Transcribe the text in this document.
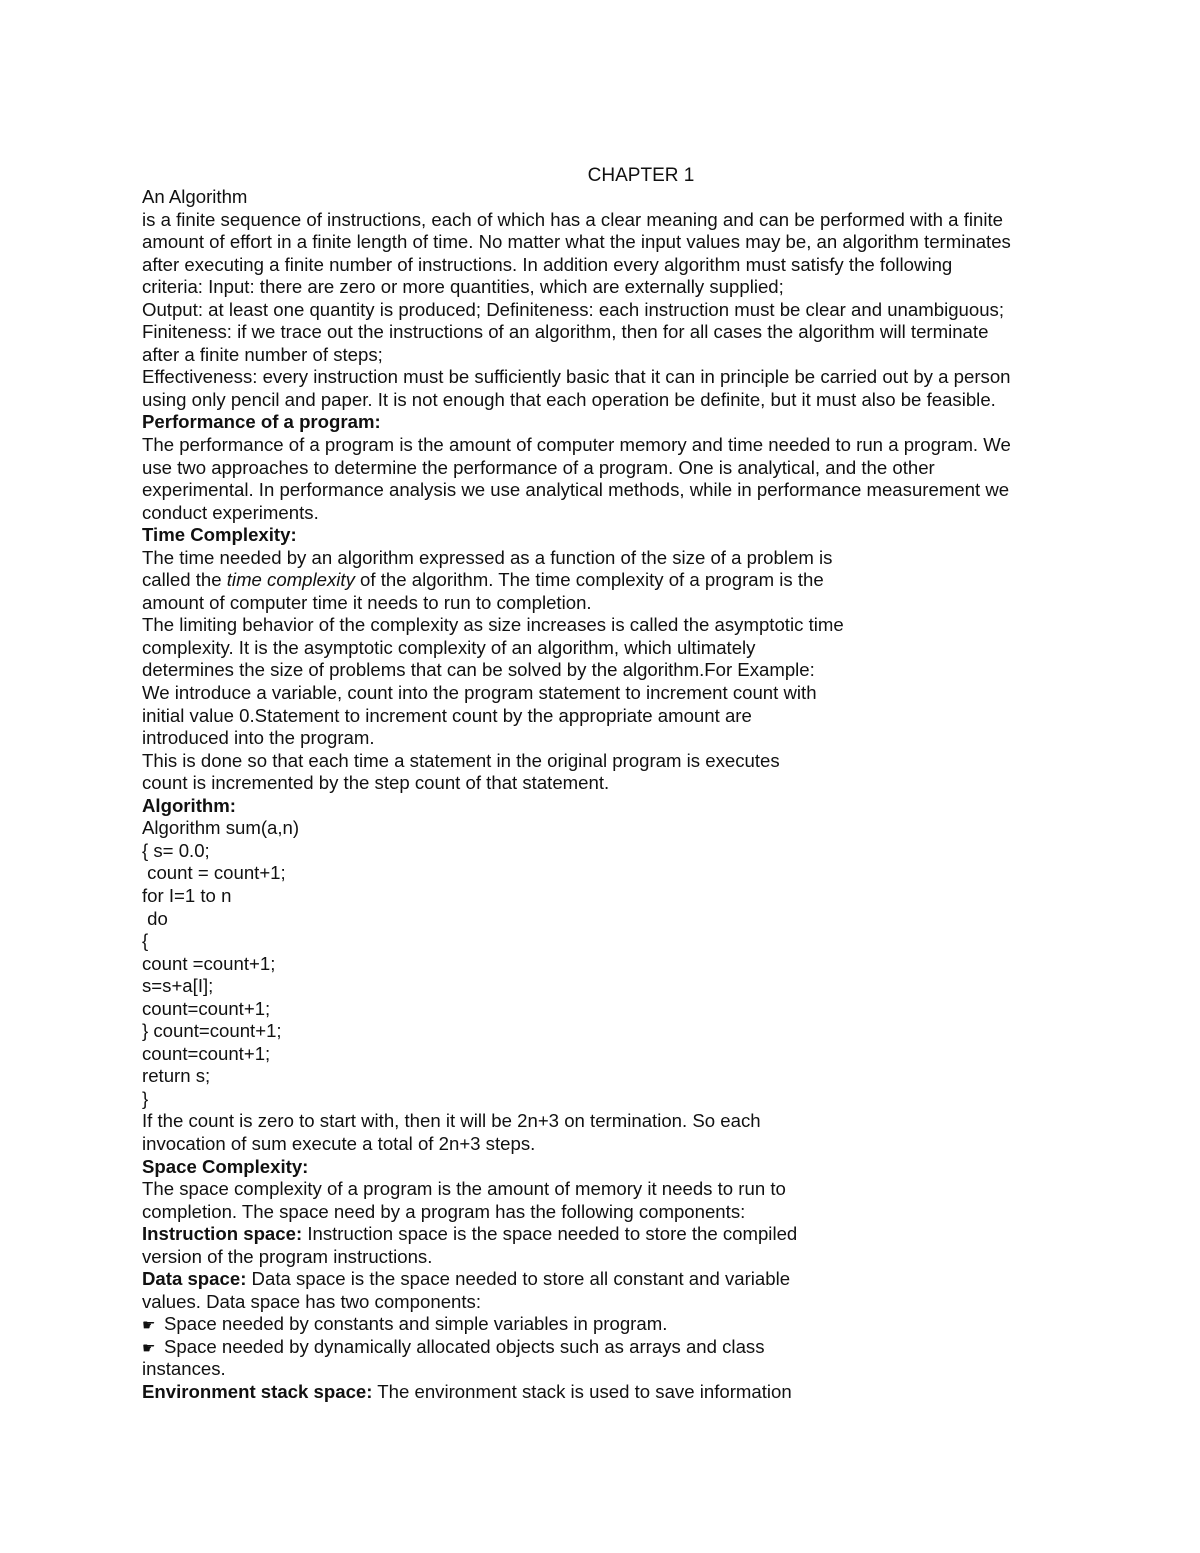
CHAPTER 1
An Algorithm
is a finite sequence of instructions, each of which has a clear meaning and can be performed with a finite
amount of effort in a finite length of time. No matter what the input values may be, an algorithm terminates
after executing a finite number of instructions. In addition every algorithm must satisfy the following
criteria: Input: there are zero or more quantities, which are externally supplied;
Output: at least one quantity is produced; Definiteness: each instruction must be clear and unambiguous;
Finiteness: if we trace out the instructions of an algorithm, then for all cases the algorithm will terminate
after a finite number of steps;
Effectiveness: every instruction must be sufficiently basic that it can in principle be carried out by a person
using only pencil and paper. It is not enough that each operation be definite, but it must also be feasible.
Performance of a program:
The performance of a program is the amount of computer memory and time needed to run a program. We
use two approaches to determine the performance of a program. One is analytical, and the other
experimental. In performance analysis we use analytical methods, while in performance measurement we
conduct experiments.
Time Complexity:
The time needed by an algorithm expressed as a function of the size of a problem is
called the time complexity of the algorithm. The time complexity of a program is the
amount of computer time it needs to run to completion.
The limiting behavior of the complexity as size increases is called the asymptotic time
complexity. It is the asymptotic complexity of an algorithm, which ultimately
determines the size of problems that can be solved by the algorithm.For Example:
We introduce a variable, count into the program statement to increment count with
initial value 0.Statement to increment count by the appropriate amount are
introduced into the program.
This is done so that each time a statement in the original program is executes
count is incremented by the step count of that statement.
Algorithm:
Algorithm sum(a,n)
{ s= 0.0;
count = count+1;
for I=1 to n
do
{
count =count+1;
s=s+a[I];
count=count+1;
} count=count+1;
count=count+1;
return s;
}
If the count is zero to start with, then it will be 2n+3 on termination. So each
invocation of sum execute a total of 2n+3 steps.
Space Complexity:
The space complexity of a program is the amount of memory it needs to run to
completion. The space need by a program has the following components:
Instruction space: Instruction space is the space needed to store the compiled
version of the program instructions.
Data space: Data space is the space needed to store all constant and variable
values. Data space has two components:
☛ Space needed by constants and simple variables in program.
☛ Space needed by dynamically allocated objects such as arrays and class
instances.
Environment stack space: The environment stack is used to save information
